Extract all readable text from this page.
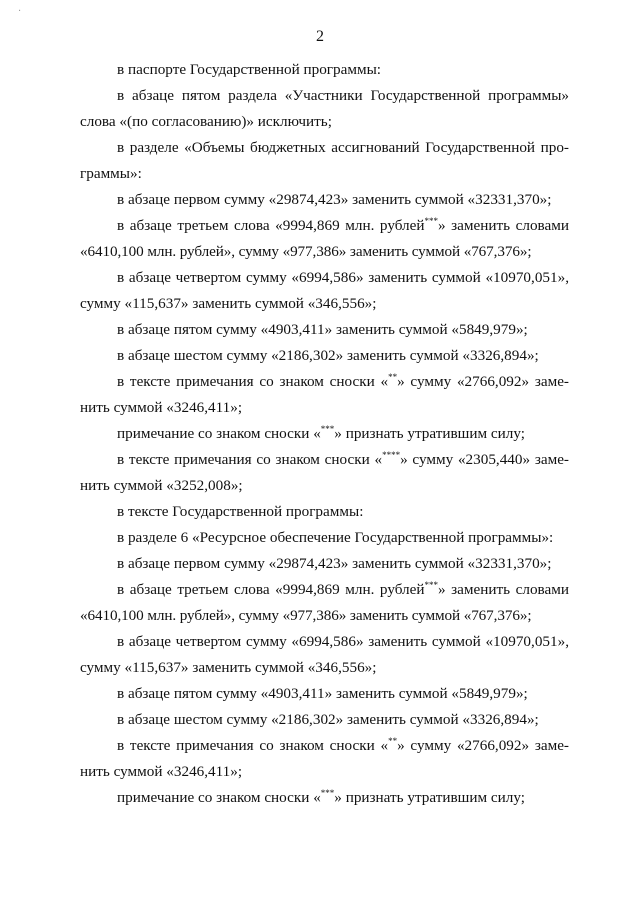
·
2

в паспорте Государственной программы:

в абзаце пятом раздела «Участники Государственной программы»

слова «(по согласованию)» исключить;

в разделе «Объемы бюджетных ассигнований Государственной про-

граммы»:

в абзаце первом сумму «29874,423» заменить суммой «32331,370»;

в абзаце третьем слова «9994,869 млн. рублей***» заменить словами

«6410,100 млн. рублей», сумму «977,386» заменить суммой «767,376»;

в абзаце четвертом сумму «6994,586» заменить суммой «10970,051»,

сумму «115,637» заменить суммой «346,556»;

в абзаце пятом сумму «4903,411» заменить суммой «5849,979»;

в абзаце шестом сумму «2186,302» заменить суммой «3326,894»;

в тексте примечания со знаком сноски «**» сумму «2766,092» заме-

нить суммой «3246,411»;

примечание со знаком сноски «***» признать утратившим силу;

в тексте примечания со знаком сноски «****» сумму «2305,440» заме-

нить суммой «3252,008»;

в тексте Государственной программы:

в разделе 6 «Ресурсное обеспечение Государственной программы»:

в абзаце первом сумму «29874,423» заменить суммой «32331,370»;

в абзаце третьем слова «9994,869 млн. рублей***» заменить словами

«6410,100 млн. рублей», сумму «977,386» заменить суммой «767,376»;

в абзаце четвертом сумму «6994,586» заменить суммой «10970,051»,

сумму «115,637» заменить суммой «346,556»;

в абзаце пятом сумму «4903,411» заменить суммой «5849,979»;

в абзаце шестом сумму «2186,302» заменить суммой «3326,894»;

в тексте примечания со знаком сноски «**» сумму «2766,092» заме-

нить суммой «3246,411»;

примечание со знаком сноски «***» признать утратившим силу;
